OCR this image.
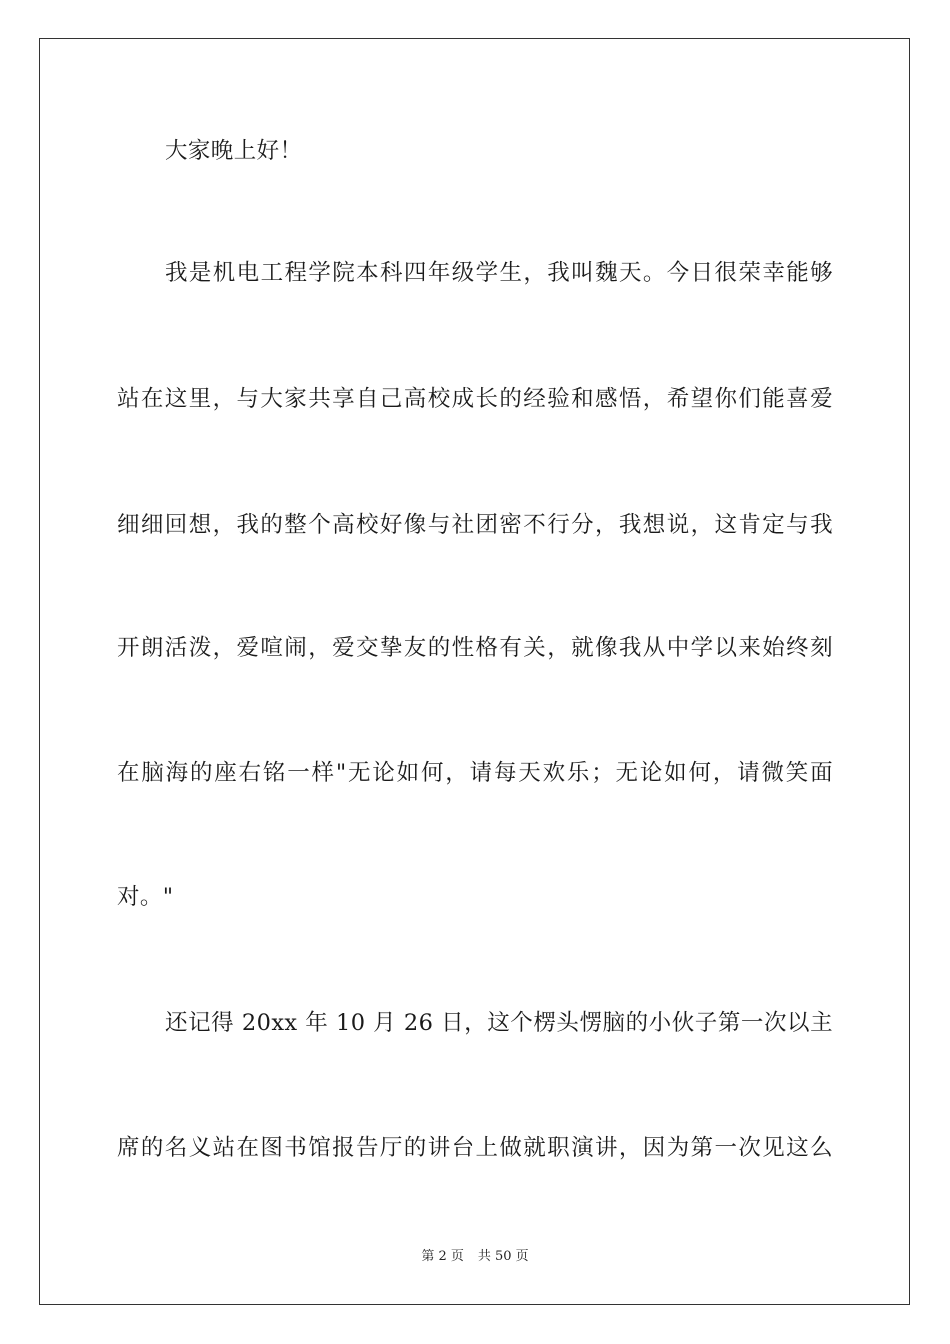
大家晚上好！
我是机电工程学院本科四年级学生，我叫魏天。今日很荣幸能够
站在这里，与大家共享自己高校成长的经验和感悟，希望你们能喜爱
细细回想，我的整个高校好像与社团密不行分，我想说，这肯定与我
开朗活泼，爱喧闹，爱交挚友的性格有关，就像我从中学以来始终刻
在脑海的座右铭一样"无论如何，请每天欢乐；无论如何，请微笑面
对。"
还记得 20xx 年 10 月 26 日，这个楞头愣脑的小伙子第一次以主
席的名义站在图书馆报告厅的讲台上做就职演讲，因为第一次见这么
第 2 页 共 50 页
